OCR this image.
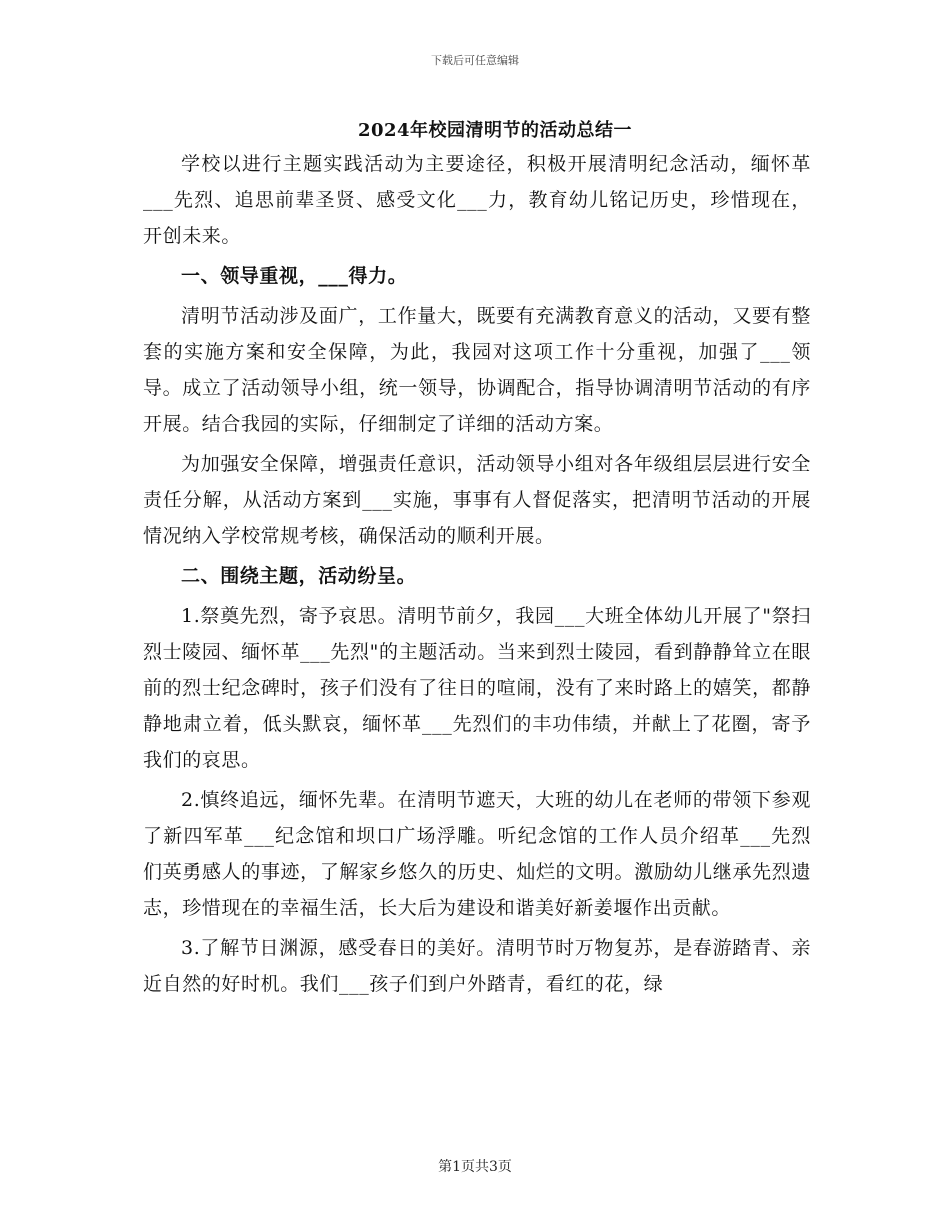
下载后可任意编辑
2024年校园清明节的活动总结一

学校以进行主题实践活动为主要途径，积极开展清明纪念活动，缅怀革___先烈、追思前辈圣贤、感受文化___力，教育幼儿铭记历史，珍惜现在，开创未来。

一、领导重视，___得力。

清明节活动涉及面广，工作量大，既要有充满教育意义的活动，又要有整套的实施方案和安全保障，为此，我园对这项工作十分重视，加强了___领导。成立了活动领导小组，统一领导，协调配合，指导协调清明节活动的有序开展。结合我园的实际，仔细制定了详细的活动方案。

为加强安全保障，增强责任意识，活动领导小组对各年级组层层进行安全责任分解，从活动方案到___实施，事事有人督促落实，把清明节活动的开展情况纳入学校常规考核，确保活动的顺利开展。

二、围绕主题，活动纷呈。

1.祭奠先烈，寄予哀思。清明节前夕，我园___大班全体幼儿开展了"祭扫烈士陵园、缅怀革___先烈"的主题活动。当来到烈士陵园，看到静静耸立在眼前的烈士纪念碑时，孩子们没有了往日的喧闹，没有了来时路上的嬉笑，都静静地肃立着，低头默哀，缅怀革___先烈们的丰功伟绩，并献上了花圈，寄予我们的哀思。

2.慎终追远，缅怀先辈。在清明节遮天，大班的幼儿在老师的带领下参观了新四军革___纪念馆和坝口广场浮雕。听纪念馆的工作人员介绍革___先烈们英勇感人的事迹，了解家乡悠久的历史、灿烂的文明。激励幼儿继承先烈遗志，珍惜现在的幸福生活，长大后为建设和谐美好新姜堰作出贡献。

3.了解节日渊源，感受春日的美好。清明节时万物复苏，是春游踏青、亲近自然的好时机。我们___孩子们到户外踏青，看红的花，绿

第1页共3页
